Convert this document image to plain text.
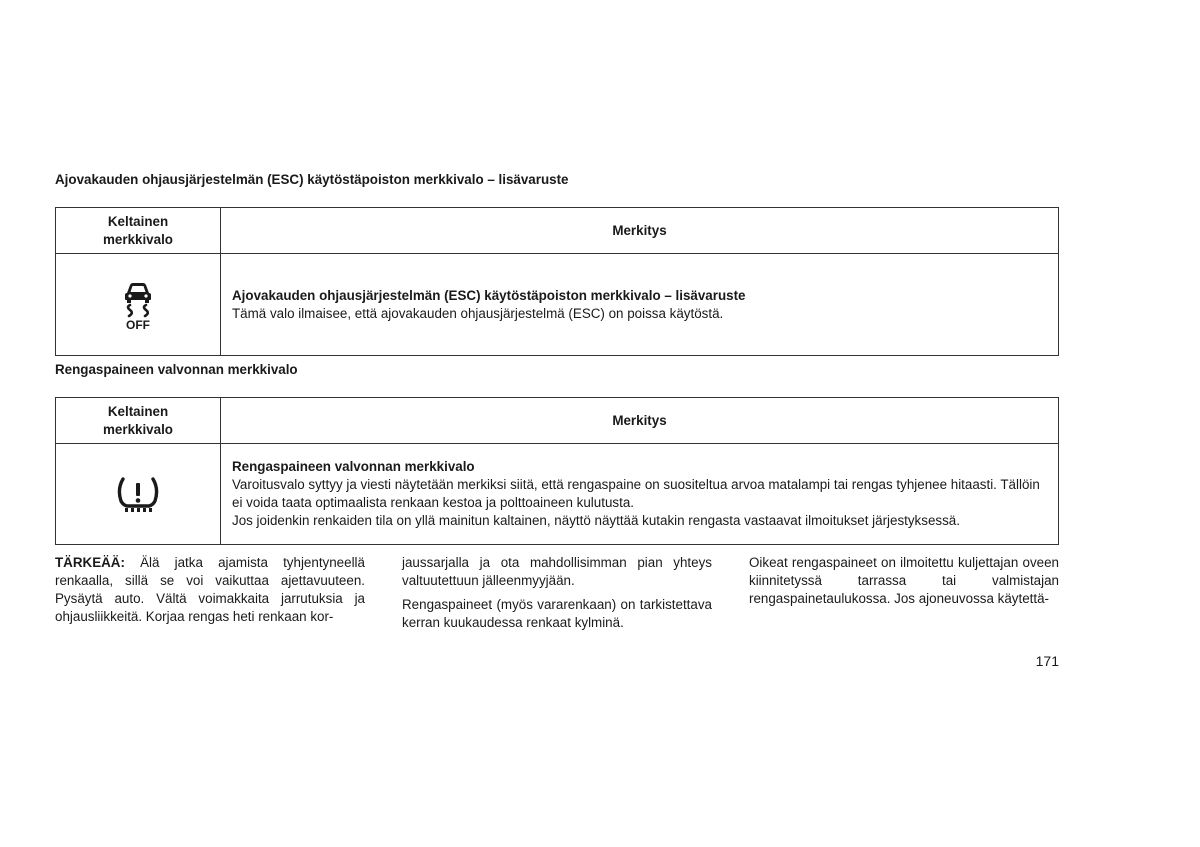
Ajovakauden ohjausjärjestelmän (ESC) käytöstäpoiston merkkivalo – lisävaruste
Keltainen merkkivalo
Merkitys
OFF
Ajovakauden ohjausjärjestelmän (ESC) käytöstäpoiston merkkivalo – lisävaruste
Tämä valo ilmaisee, että ajovakauden ohjausjärjestelmä (ESC) on poissa käytöstä.
Rengaspaineen valvonnan merkkivalo
Keltainen merkkivalo
Merkitys
Rengaspaineen valvonnan merkkivalo
Varoitusvalo syttyy ja viesti näytetään merkiksi siitä, että rengaspaine on suositeltua arvoa matalampi tai rengas tyhjenee hitaasti. Tällöin ei voida taata optimaalista renkaan kestoa ja polttoaineen kulutusta.
Jos joidenkin renkaiden tila on yllä mainitun kaltainen, näyttö näyttää kutakin rengasta vastaavat ilmoitukset järjestyksessä.

TÄRKEÄÄ: Älä jatka ajamista tyhjentyneellä renkaalla, sillä se voi vaikuttaa ajettavuuteen. Pysäytä auto. Vältä voimakkaita jarrutuksia ja ohjausliikkeitä. Korjaa rengas heti renkaan kor-

jaussarjalla ja ota mahdollisimman pian yhteys valtuutettuun jälleenmyyjään.

Rengaspaineet (myös vararenkaan) on tarkistettava kerran kuukaudessa renkaat kylminä.

Oikeat rengaspaineet on ilmoitettu kuljettajan oveen kiinnitetyssä tarrassa tai valmistajan rengaspainetaulukossa. Jos ajoneuvossa käytettä-

171
